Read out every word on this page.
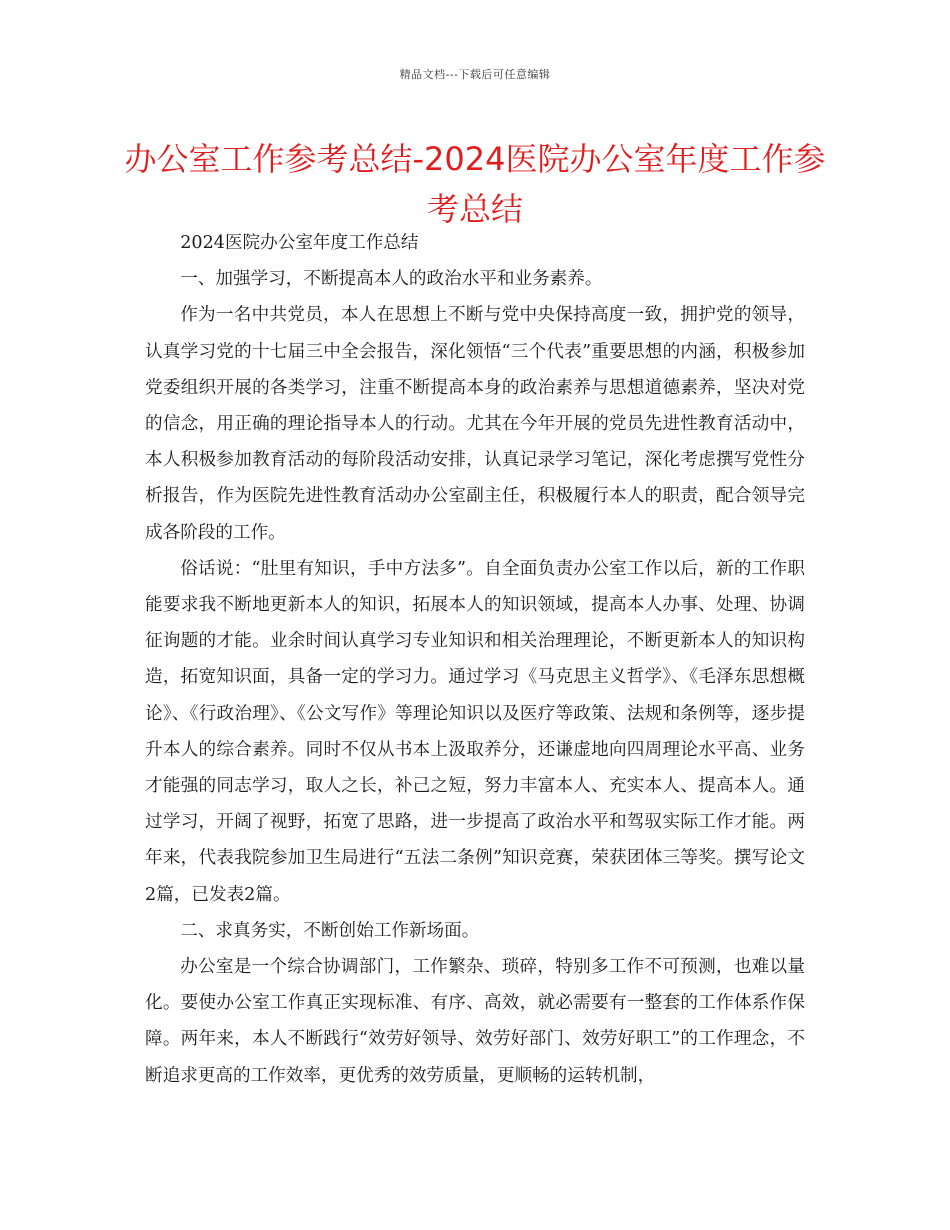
精品文档---下载后可任意编辑
办公室工作参考总结-2024医院办公室年度工作参考总结

2024医院办公室年度工作总结

一、加强学习，不断提高本人的政治水平和业务素养。

作为一名中共党员，本人在思想上不断与党中央保持高度一致，拥护党的领导，认真学习党的十七届三中全会报告，深化领悟“三个代表”重要思想的内涵，积极参加党委组织开展的各类学习，注重不断提高本身的政治素养与思想道德素养，坚决对党的信念，用正确的理论指导本人的行动。尤其在今年开展的党员先进性教育活动中，本人积极参加教育活动的每阶段活动安排，认真记录学习笔记，深化考虑撰写党性分析报告，作为医院先进性教育活动办公室副主任，积极履行本人的职责，配合领导完成各阶段的工作。

俗话说：“肚里有知识，手中方法多”。自全面负责办公室工作以后，新的工作职能要求我不断地更新本人的知识，拓展本人的知识领域，提高本人办事、处理、协调征询题的才能。业余时间认真学习专业知识和相关治理理论，不断更新本人的知识构造，拓宽知识面，具备一定的学习力。通过学习《马克思主义哲学》、《毛泽东思想概论》、《行政治理》、《公文写作》等理论知识以及医疗等政策、法规和条例等，逐步提升本人的综合素养。同时不仅从书本上汲取养分，还谦虚地向四周理论水平高、业务才能强的同志学习，取人之长，补己之短，努力丰富本人、充实本人、提高本人。通过学习，开阔了视野，拓宽了思路，进一步提高了政治水平和驾驭实际工作才能。两年来，代表我院参加卫生局进行“五法二条例”知识竞赛，荣获团体三等奖。撰写论文2篇，已发表2篇。

二、求真务实，不断创始工作新场面。

办公室是一个综合协调部门，工作繁杂、琐碎，特别多工作不可预测，也难以量化。要使办公室工作真正实现标准、有序、高效，就必需要有一整套的工作体系作保障。两年来，本人不断践行“效劳好领导、效劳好部门、效劳好职工”的工作理念，不断追求更高的工作效率，更优秀的效劳质量，更顺畅的运转机制，
